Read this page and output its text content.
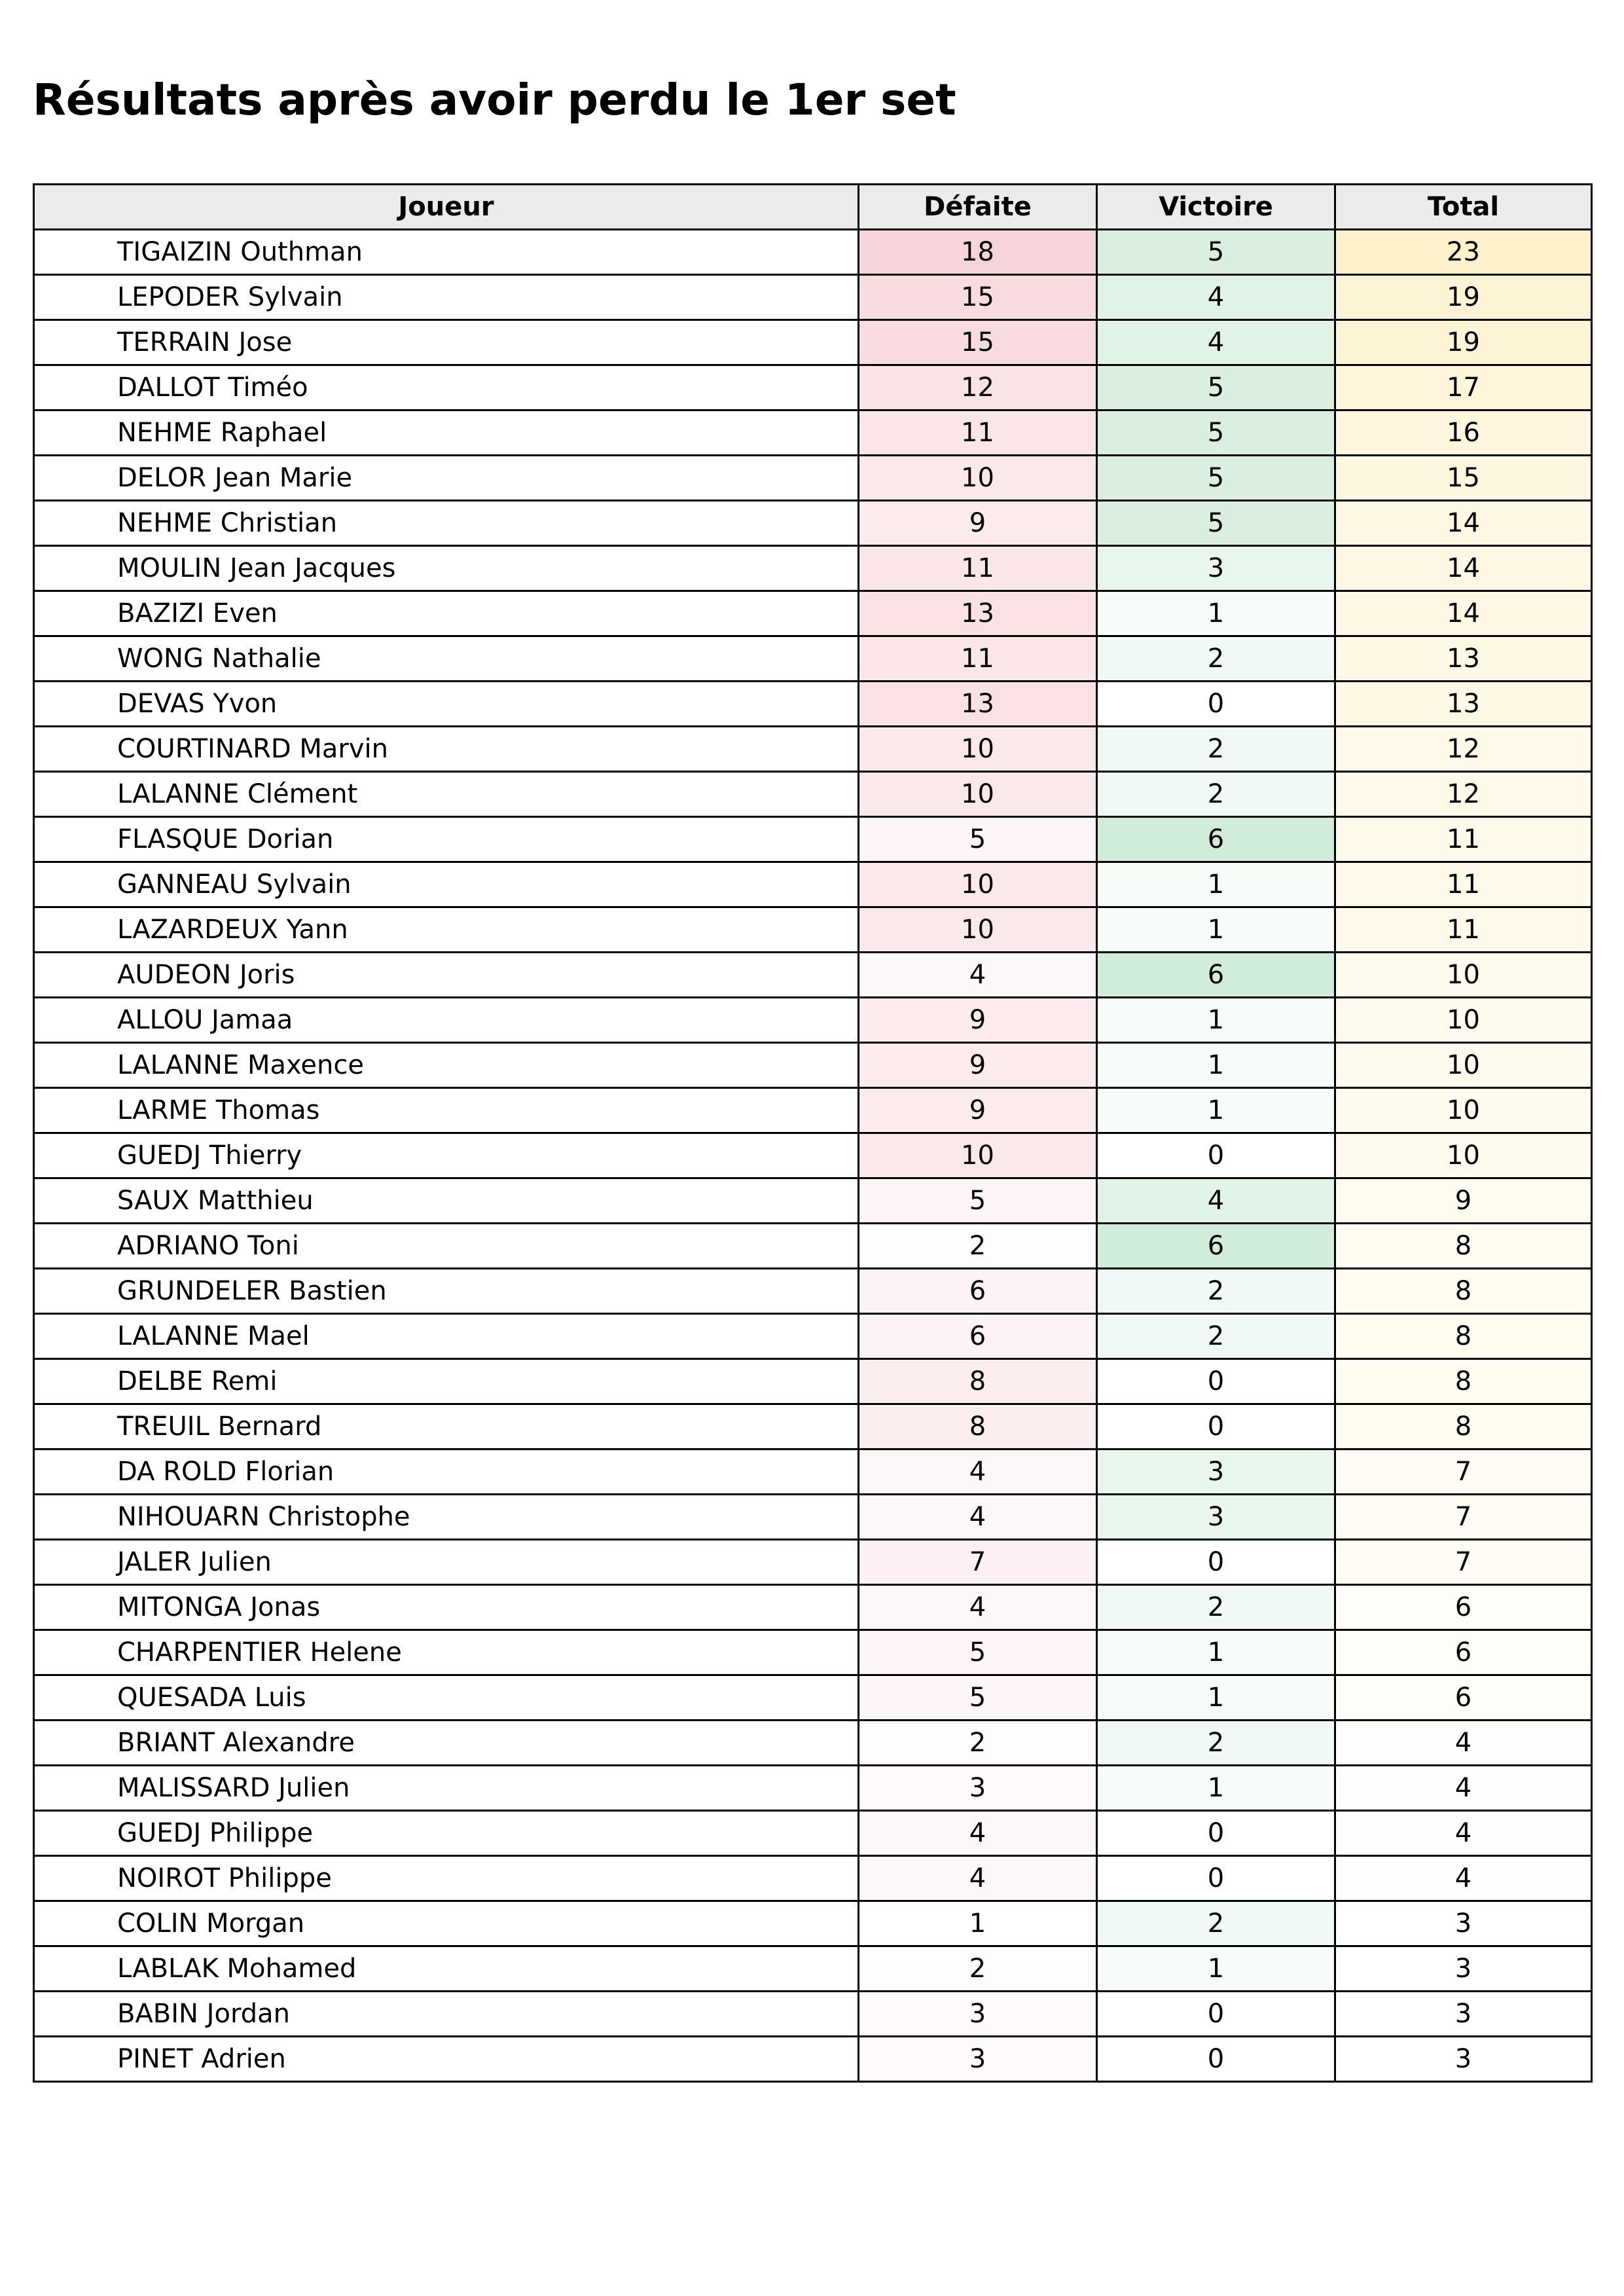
Résultats après avoir perdu le 1er set
Joueur	Défaite	Victoire	Total
TIGAIZIN Outhman	18	5	23
LEPODER Sylvain	15	4	19
TERRAIN Jose	15	4	19
DALLOT Timéo	12	5	17
NEHME Raphael	11	5	16
DELOR Jean Marie	10	5	15
NEHME Christian	9	5	14
MOULIN Jean Jacques	11	3	14
BAZIZI Even	13	1	14
WONG Nathalie	11	2	13
DEVAS Yvon	13	0	13
COURTINARD Marvin	10	2	12
LALANNE Clément	10	2	12
FLASQUE Dorian	5	6	11
GANNEAU Sylvain	10	1	11
LAZARDEUX Yann	10	1	11
AUDEON Joris	4	6	10
ALLOU Jamaa	9	1	10
LALANNE Maxence	9	1	10
LARME Thomas	9	1	10
GUEDJ Thierry	10	0	10
SAUX Matthieu	5	4	9
ADRIANO Toni	2	6	8
GRUNDELER Bastien	6	2	8
LALANNE Mael	6	2	8
DELBE Remi	8	0	8
TREUIL Bernard	8	0	8
DA ROLD Florian	4	3	7
NIHOUARN Christophe	4	3	7
JALER Julien	7	0	7
MITONGA Jonas	4	2	6
CHARPENTIER Helene	5	1	6
QUESADA Luis	5	1	6
BRIANT Alexandre	2	2	4
MALISSARD Julien	3	1	4
GUEDJ Philippe	4	0	4
NOIROT Philippe	4	0	4
COLIN Morgan	1	2	3
LABLAK Mohamed	2	1	3
BABIN Jordan	3	0	3
PINET Adrien	3	0	3
